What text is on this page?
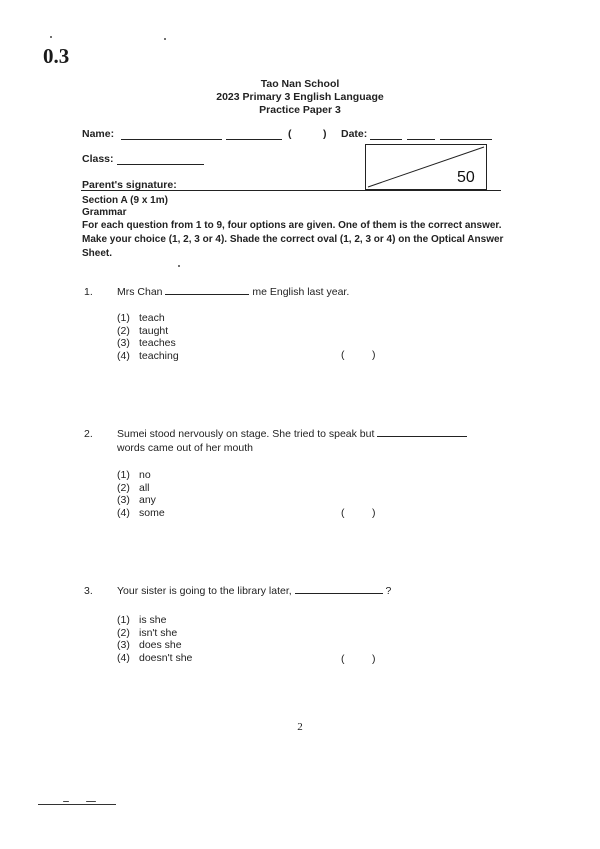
0.3
Tao Nan School
2023 Primary 3 English Language
Practice Paper 3
Name:	(	) Date:
Class:
50
Parent's signature:
Section A (9 x 1m)
Grammar
For each question from 1 to 9, four options are given. One of them is the correct answer. Make your choice (1, 2, 3 or 4). Shade the correct oval (1, 2, 3 or 4) on the Optical Answer Sheet.
1. Mrs Chan	me English last year.
(1) teach
(2) taught
(3) teaches
(4) teaching	(	)
2. Sumei stood nervously on stage. She tried to speak but
words came out of her mouth
(1) no
(2) all
(3) any
(4) some	(	)
3. Your sister is going to the library later,	?
(1) is she
(2) isn't she
(3) does she
(4) doesn't she	(	)
2
